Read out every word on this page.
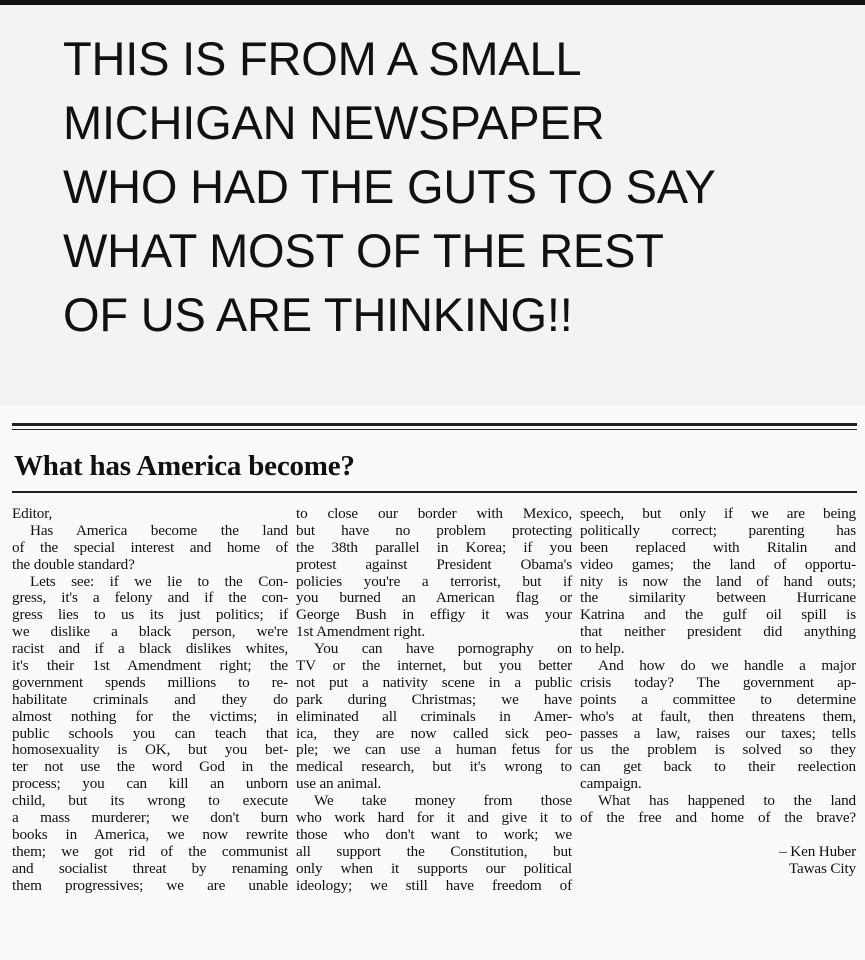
THIS IS FROM A SMALL
MICHIGAN NEWSPAPER
WHO HAD THE GUTS TO SAY
WHAT MOST OF THE REST
OF US ARE THINKING!!
What has America become?
Editor,
Has America become the land
of the special interest and home of
the double standard?
Lets see: if we lie to the Con-
gress, it's a felony and if the con-
gress lies to us its just politics; if
we dislike a black person, we're
racist and if a black dislikes whites,
it's their 1st Amendment right; the
government spends millions to re-
habilitate criminals and they do
almost nothing for the victims; in
public schools you can teach that
homosexuality is OK, but you bet-
ter not use the word God in the
process; you can kill an unborn
child, but its wrong to execute
a mass murderer; we don't burn
books in America, we now rewrite
them; we got rid of the communist
and socialist threat by renaming
them progressives; we are unable
to close our border with Mexico,
but have no problem protecting
the 38th parallel in Korea; if you
protest against President Obama's
policies you're a terrorist, but if
you burned an American flag or
George Bush in effigy it was your
1st Amendment right.
You can have pornography on
TV or the internet, but you better
not put a nativity scene in a public
park during Christmas; we have
eliminated all criminals in Amer-
ica, they are now called sick peo-
ple; we can use a human fetus for
medical research, but it's wrong to
use an animal.
We take money from those
who work hard for it and give it to
those who don't want to work; we
all support the Constitution, but
only when it supports our political
ideology; we still have freedom of
speech, but only if we are being
politically correct; parenting has
been replaced with Ritalin and
video games; the land of opportu-
nity is now the land of hand outs;
the similarity between Hurricane
Katrina and the gulf oil spill is
that neither president did anything
to help.
And how do we handle a major
crisis today? The government ap-
points a committee to determine
who's at fault, then threatens them,
passes a law, raises our taxes; tells
us the problem is solved so they
can get back to their reelection
campaign.
What has happened to the land
of the free and home of the brave?
– Ken Huber
Tawas City
